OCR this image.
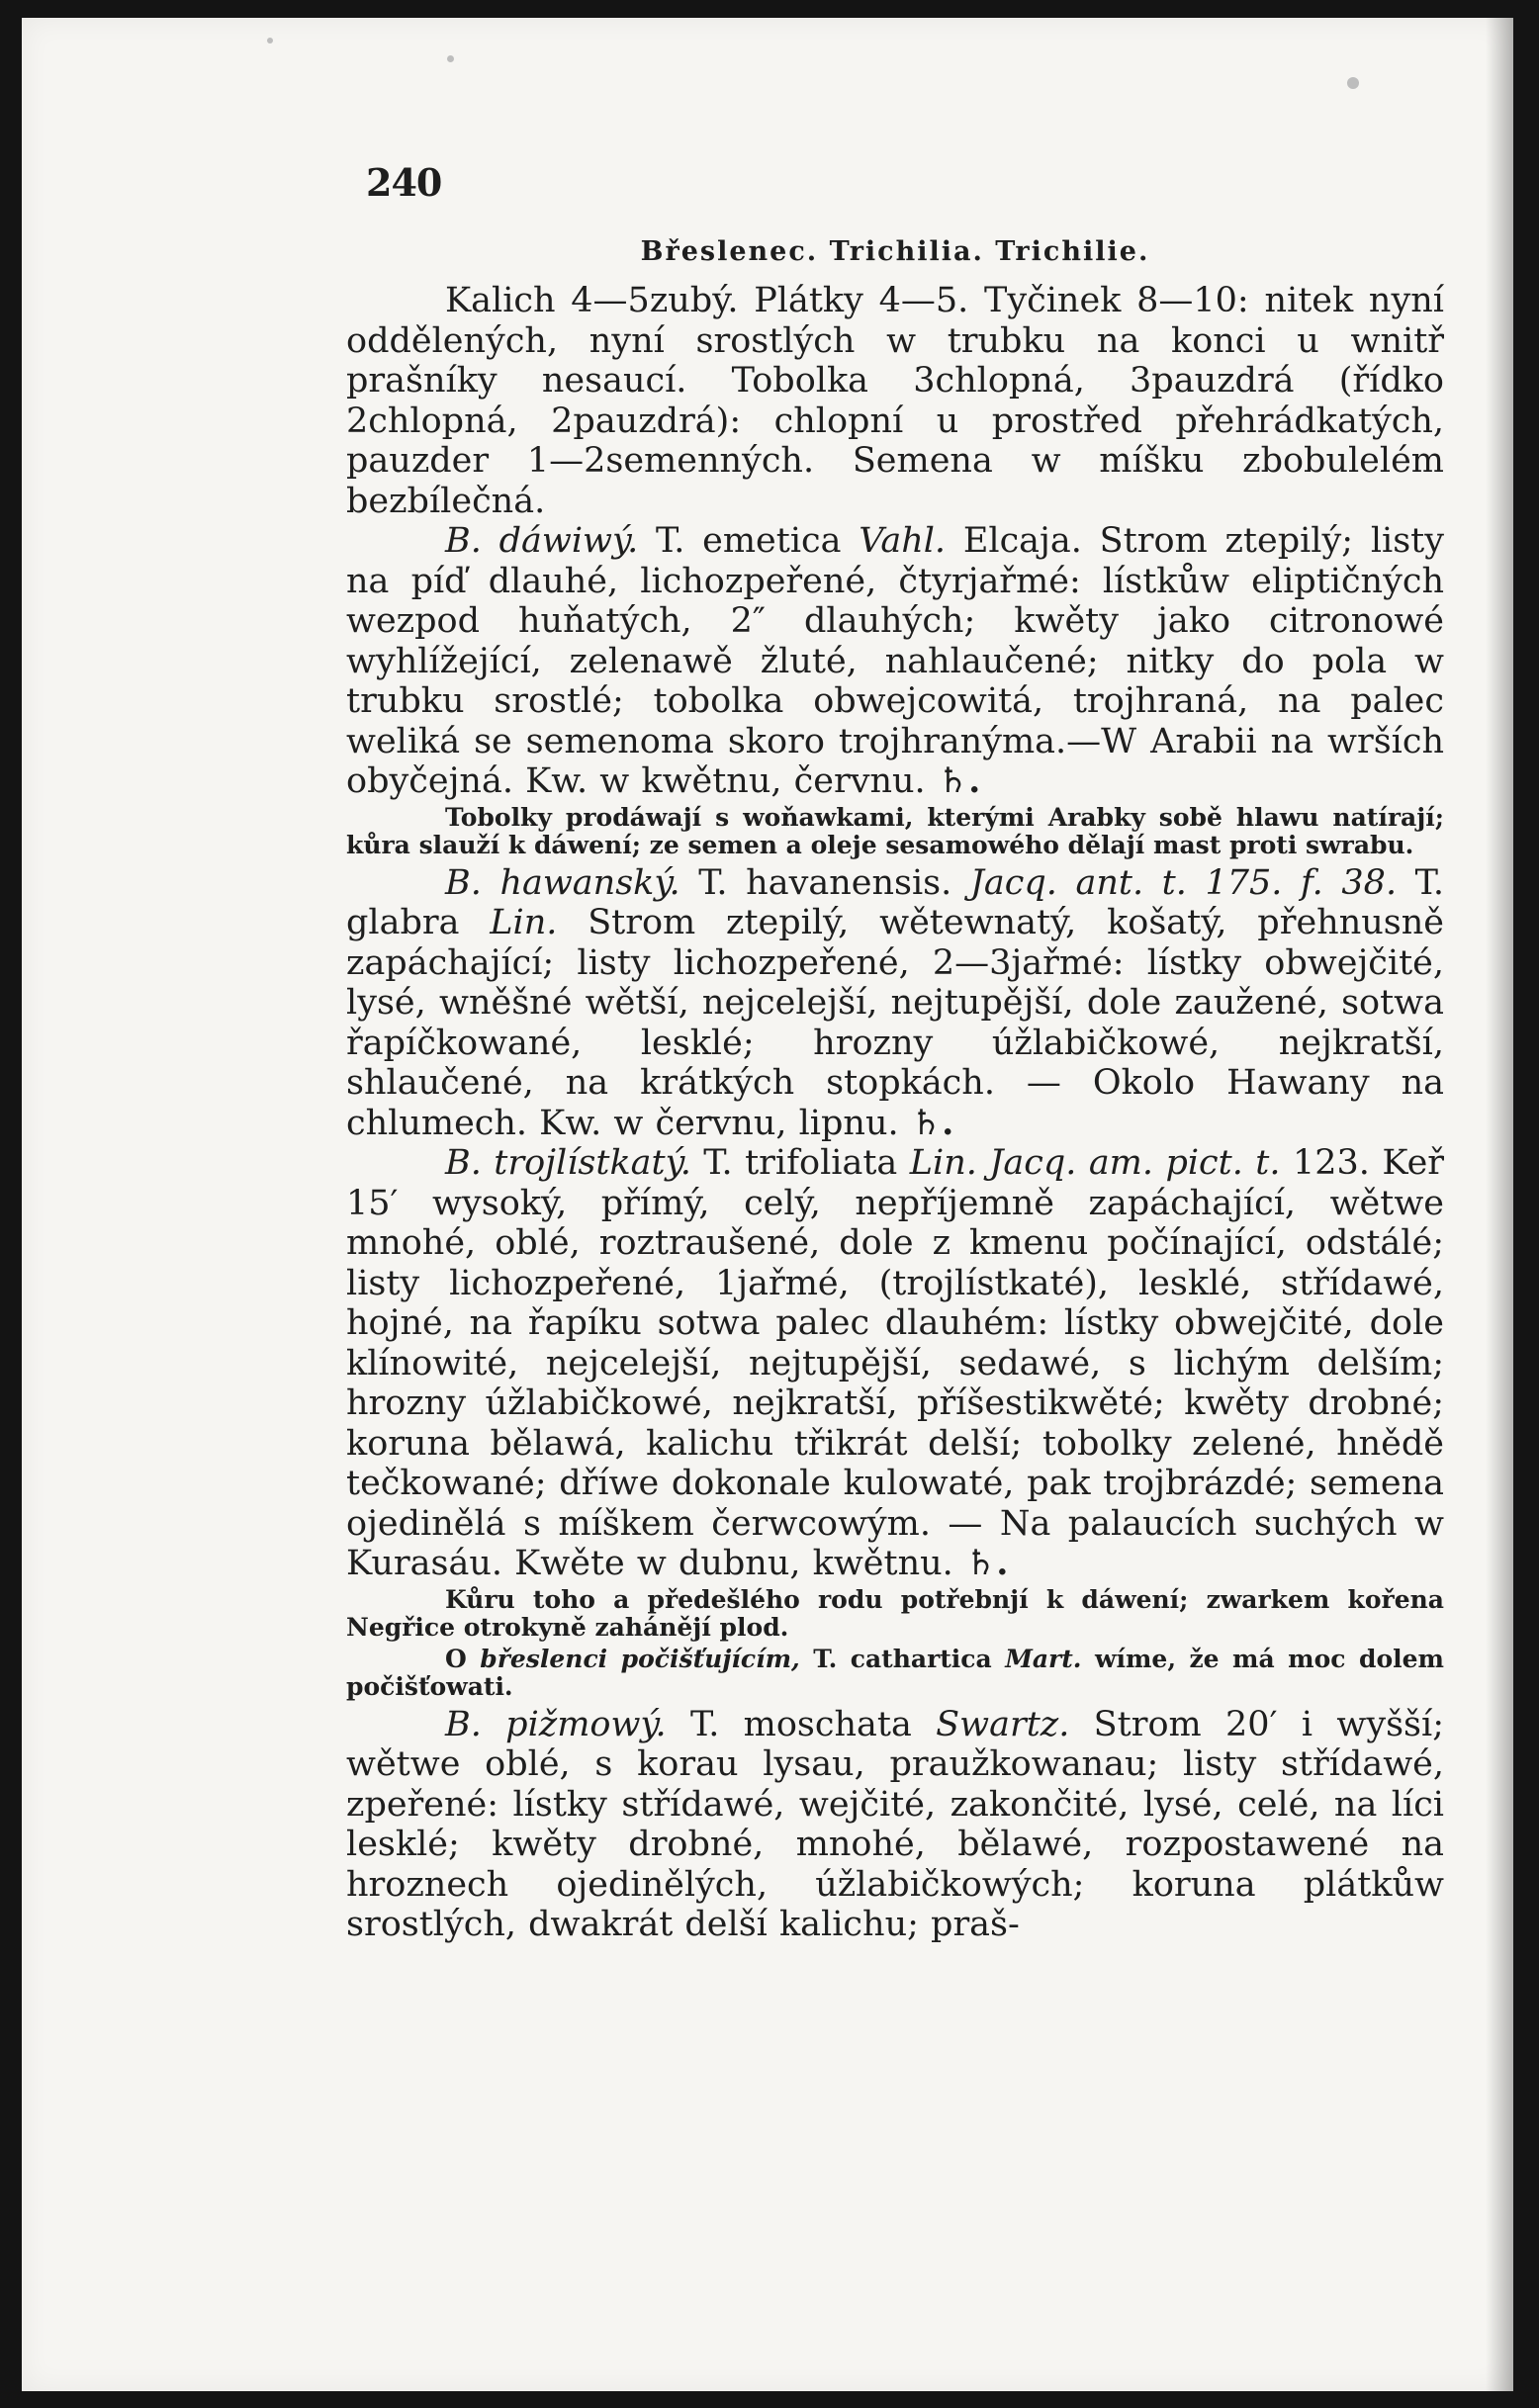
240
Břeslenec. Trichilia. Trichilie.

Kalich 4—5zubý. Plátky 4—5. Tyčinek 8—10: nitek nyní oddělených, nyní srostlých w trubku na konci u wnitř prašníky nesaucí. Tobolka 3chlopná, 3pauzdrá (řídko 2chlopná, 2pauzdrá): chlopní u prostřed přehrádkatých, pauzder 1—2semenných. Semena w míšku zbobulelém bezbílečná.

B. dáwiwý. T. emetica Vahl. Elcaja. Strom ztepilý; listy na píď dlauhé, lichozpeřené, čtyrjařmé: lístkůw eliptičných wezpod huňatých, 2″ dlauhých; kwěty jako citronowé wyhlížející, zelenawě žluté, nahlaučené; nitky do pola w trubku srostlé; tobolka obwejcowitá, trojhraná, na palec weliká se semenoma skoro trojhranýma.—W Arabii na wrších obyčejná. Kw. w kwětnu, červnu. ♄.

Tobolky prodáwají s woňawkami, kterými Arabky sobě hlawu natírají; kůra slauží k dáwení; ze semen a oleje sesamowého dělají mast proti swrabu.

B. hawanský. T. havanensis. Jacq. ant. t. 175. f. 38. T. glabra Lin. Strom ztepilý, wětewnatý, košatý, přehnusně zapáchající; listy lichozpeřené, 2—3jařmé: lístky obwejčité, lysé, wněšné wětší, nejcelejší, nejtupější, dole zaužené, sotwa řapíčkowané, lesklé; hrozny úžlabičkowé, nejkratší, shlaučené, na krátkých stopkách. — Okolo Hawany na chlumech. Kw. w červnu, lipnu. ♄.

B. trojlístkatý. T. trifoliata Lin. Jacq. am. pict. t. 123. Keř 15′ wysoký, přímý, celý, nepříjemně zapáchající, wětwe mnohé, oblé, roztraušené, dole z kmenu počínající, odstálé; listy lichozpeřené, 1jařmé, (trojlístkaté), lesklé, střídawé, hojné, na řapíku sotwa palec dlauhém: lístky obwejčité, dole klínowité, nejcelejší, nejtupější, sedawé, s lichým delším; hrozny úžlabičkowé, nejkratší, příšestikwěté; kwěty drobné; koruna bělawá, kalichu třikrát delší; tobolky zelené, hnědě tečkowané; dříwe dokonale kulowaté, pak trojbrázdé; semena ojedinělá s míškem čerwcowým. — Na palaucích suchých w Kurasáu. Kwěte w dubnu, kwětnu. ♄.

Kůru toho a předešlého rodu potřebnjí k dáwení; zwarkem kořena Negřice otrokyně zahánějí plod.

O břeslenci počišťujícím, T. cathartica Mart. wíme, že má moc dolem počišťowati.

B. pižmowý. T. moschata Swartz. Strom 20′ i wyšší; wětwe oblé, s korau lysau, praužkowanau; listy střídawé, zpeřené: lístky střídawé, wejčité, zakončité, lysé, celé, na líci lesklé; kwěty drobné, mnohé, bělawé, rozpostawené na hroznech ojedinělých, úžlabičkowých; koruna plátkůw srostlých, dwakrát delší kalichu; praš-
